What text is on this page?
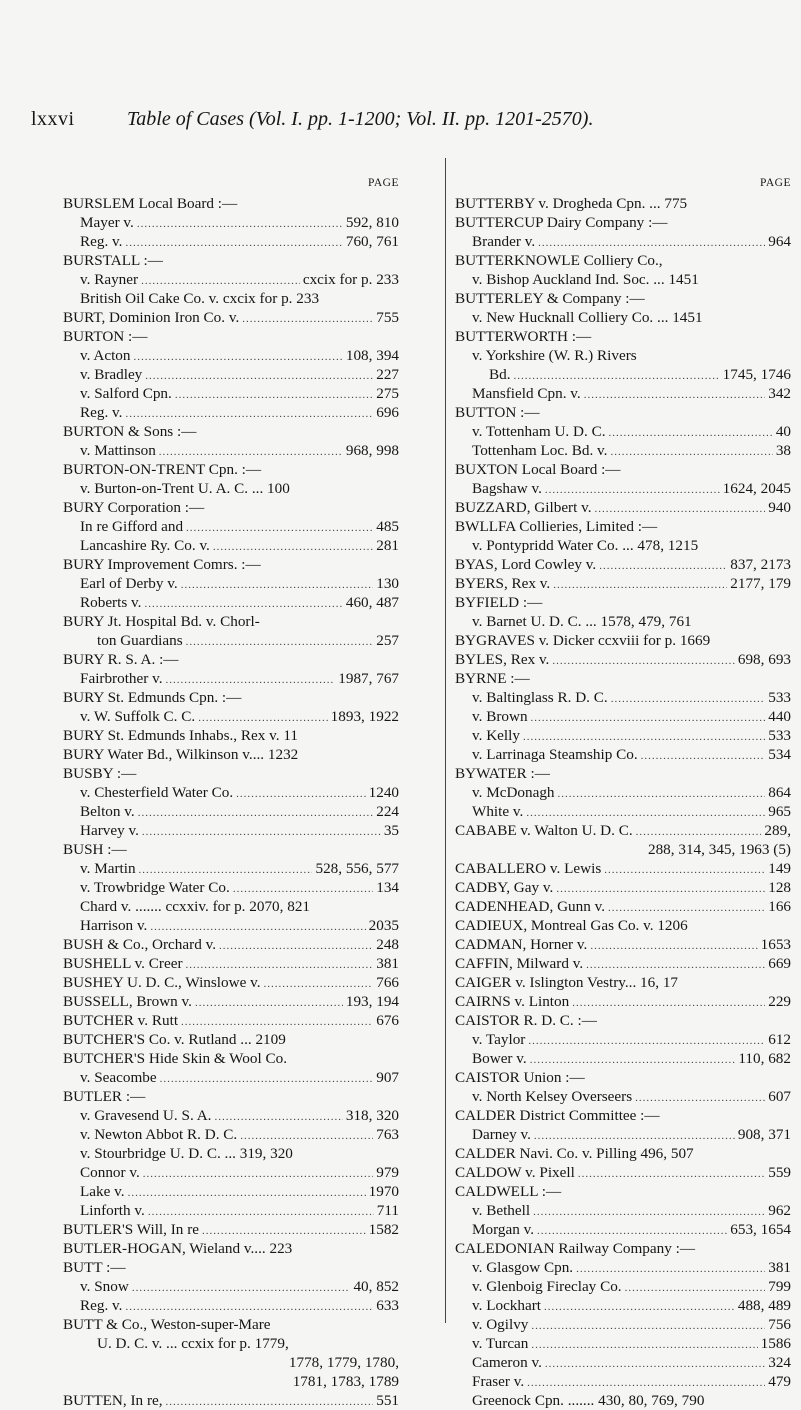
lxxvi	Table of Cases (Vol. I. pp. 1-1200; Vol. II. pp. 1201-2570).
PAGE
BURSLEM Local Board :—
Mayer v. .....	592, 810
Reg. v. .....	760, 761
BURSTALL :—
v. Rayner .....	cxcix for p. 233
British Oil Cake Co. v. cxcix for p. 233
BURT, Dominion Iron Co. v. .....	755
BURTON :—
v. Acton .....	108, 394
v. Bradley .....	227
v. Salford Cpn. .....	275
Reg. v. .....	696
BURTON & Sons :—
v. Mattinson .....	968, 998
BURTON-ON-TRENT Cpn. :—
v. Burton-on-Trent U. A. C. ... 100
BURY Corporation :—
In re Gifford and .....	485
Lancashire Ry. Co. v. .....	281
BURY Improvement Comrs. :—
Earl of Derby v. .....	130
Roberts v. .....	460, 487
BURY Jt. Hospital Bd. v. Chorl-
ton Guardians .....	257
BURY R. S. A. :—
Fairbrother v. .....	1987, 767
BURY St. Edmunds Cpn. :—
v. W. Suffolk C. C. .....	1893, 1922
BURY St. Edmunds Inhabs., Rex v. 11
BURY Water Bd., Wilkinson v.... 1232
BUSBY :—
v. Chesterfield Water Co. .....	1240
Belton v. .....	224
Harvey v. .....	35
BUSH :—
v. Martin .....	528, 556, 577
v. Trowbridge Water Co. .....	134
Chard v. ....... ccxxiv. for p. 2070, 821
Harrison v. .....	2035
BUSH & Co., Orchard v. .....	248
BUSHELL v. Creer .....	381
BUSHEY U. D. C., Winslowe v. .....	766
BUSSELL, Brown v. .....	193, 194
BUTCHER v. Rutt .....	676
BUTCHER'S Co. v. Rutland ... 2109
BUTCHER'S Hide Skin & Wool Co.
v. Seacombe .....	907
BUTLER :—
v. Gravesend U. S. A. .....	318, 320
v. Newton Abbot R. D. C. .....	763
v. Stourbridge U. D. C. ... 319, 320
Connor v. .....	979
Lake v. .....	1970
Linforth v. .....	711
BUTLER'S Will, In re .....	1582
BUTLER-HOGAN, Wieland v.... 223
BUTT :—
v. Snow .....	40, 852
Reg. v. .....	633
BUTT & Co., Weston-super-Mare
U. D. C. v. ... ccxix for p. 1779,
1778, 1779, 1780,
1781, 1783, 1789
BUTTEN, In re, .....	551
PAGE
BUTTERBY v. Drogheda Cpn. ... 775
BUTTERCUP Dairy Company :—
Brander v. .....	964
BUTTERKNOWLE Colliery Co.,
v. Bishop Auckland Ind. Soc. ... 1451
BUTTERLEY & Company :—
v. New Hucknall Colliery Co. ... 1451
BUTTERWORTH :—
v. Yorkshire (W. R.) Rivers
Bd. .....	1745, 1746
Mansfield Cpn. v. .....	342
BUTTON :—
v. Tottenham U. D. C. .....	40
Tottenham Loc. Bd. v. .....	38
BUXTON Local Board :—
Bagshaw v. .....	1624, 2045
BUZZARD, Gilbert v. .....	940
BWLLFA Collieries, Limited :—
v. Pontypridd Water Co. ... 478, 1215
BYAS, Lord Cowley v. .....	837, 2173
BYERS, Rex v. .....	2177, 179
BYFIELD :—
v. Barnet U. D. C. ... 1578, 479, 761
BYGRAVES v. Dicker ccxviii for p. 1669
BYLES, Rex v. .....	698, 693
BYRNE :—
v. Baltinglass R. D. C. .....	533
v. Brown .....	440
v. Kelly .....	533
v. Larrinaga Steamship Co. .....	534
BYWATER :—
v. McDonagh .....	864
White v. .....	965
CABABE v. Walton U. D. C. .....	289,
288, 314, 345, 1963 (5)
CABALLERO v. Lewis .....	149
CADBY, Gay v. .....	128
CADENHEAD, Gunn v. .....	166
CADIEUX, Montreal Gas Co. v. 1206
CADMAN, Horner v. .....	1653
CAFFIN, Milward v. .....	669
CAIGER v. Islington Vestry... 16, 17
CAIRNS v. Linton .....	229
CAISTOR R. D. C. :—
v. Taylor .....	612
Bower v. .....	110, 682
CAISTOR Union :—
v. North Kelsey Overseers .....	607
CALDER District Committee :—
Darney v. .....	908, 371
CALDER Navi. Co. v. Pilling 496, 507
CALDOW v. Pixell .....	559
CALDWELL :—
v. Bethell .....	962
Morgan v. .....	653, 1654
CALEDONIAN Railway Company :—
v. Glasgow Cpn. .....	381
v. Glenboig Fireclay Co. .....	799
v. Lockhart .....	488, 489
v. Ogilvy .....	756
v. Turcan .....	1586
Cameron v. .....	324
Fraser v. .....	479
Greenock Cpn. ....... 430, 80, 769, 790
